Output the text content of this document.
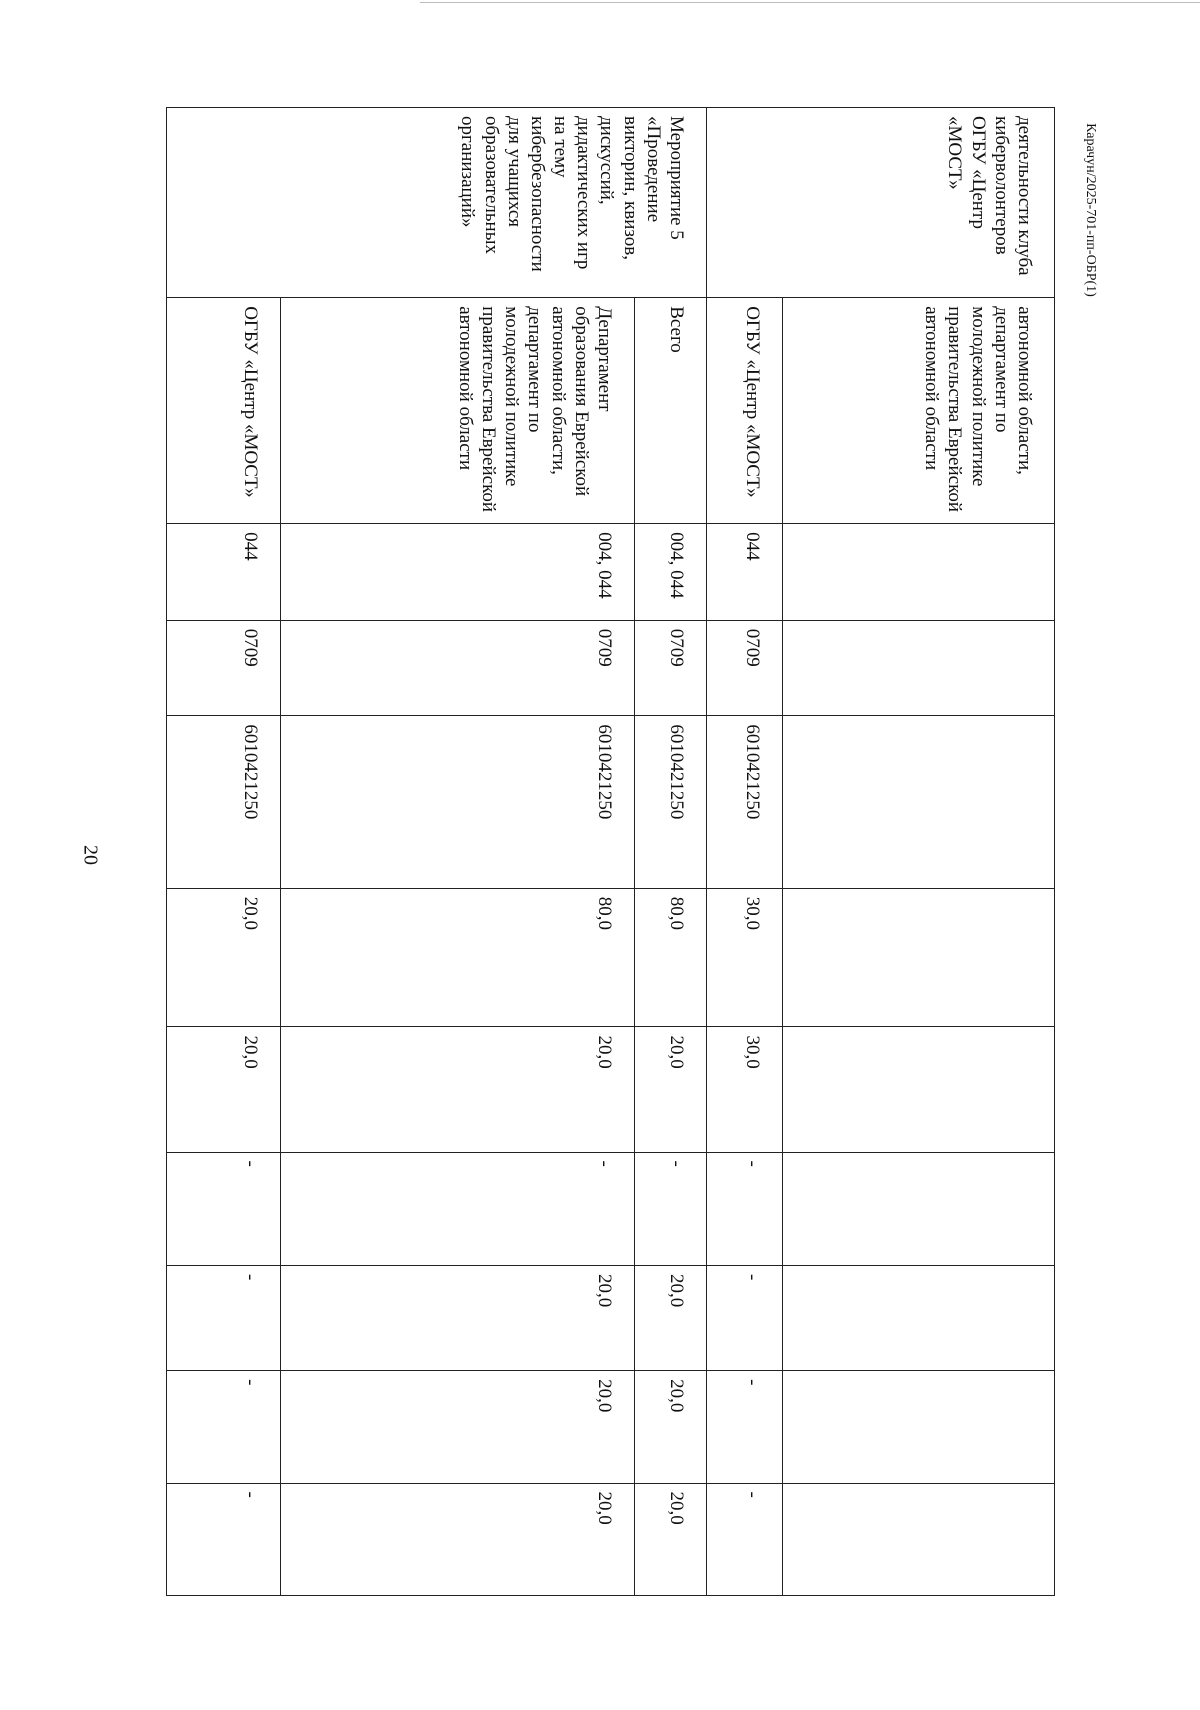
20
Карачун/2025-701-пп-ОБР(1)
деятельности клуба киберволонтеров ОГБУ «Центр «МОСТ»	автономной области, департамент по молодежной политике правительства Еврейской автономной области									
	ОГБУ «Центр «МОСТ»	044	0709	6010421250	30,0	30,0	-	-	-	-
Мероприятие 5 «Проведение викторин, квизов, дискуссий, дидактических игр на тему кибербезопасности для учащихся образовательных организаций»	Всего	004, 044	0709	6010421250	80,0	20,0	-	20,0	20,0	20,0
	Департамент образования Еврейской автономной области, департамент по молодежной политике правительства Еврейской автономной области	004, 044	0709	6010421250	80,0	20,0	-	20,0	20,0	20,0
	ОГБУ «Центр «МОСТ»	044	0709	6010421250	20,0	20,0	-	-	-	-
